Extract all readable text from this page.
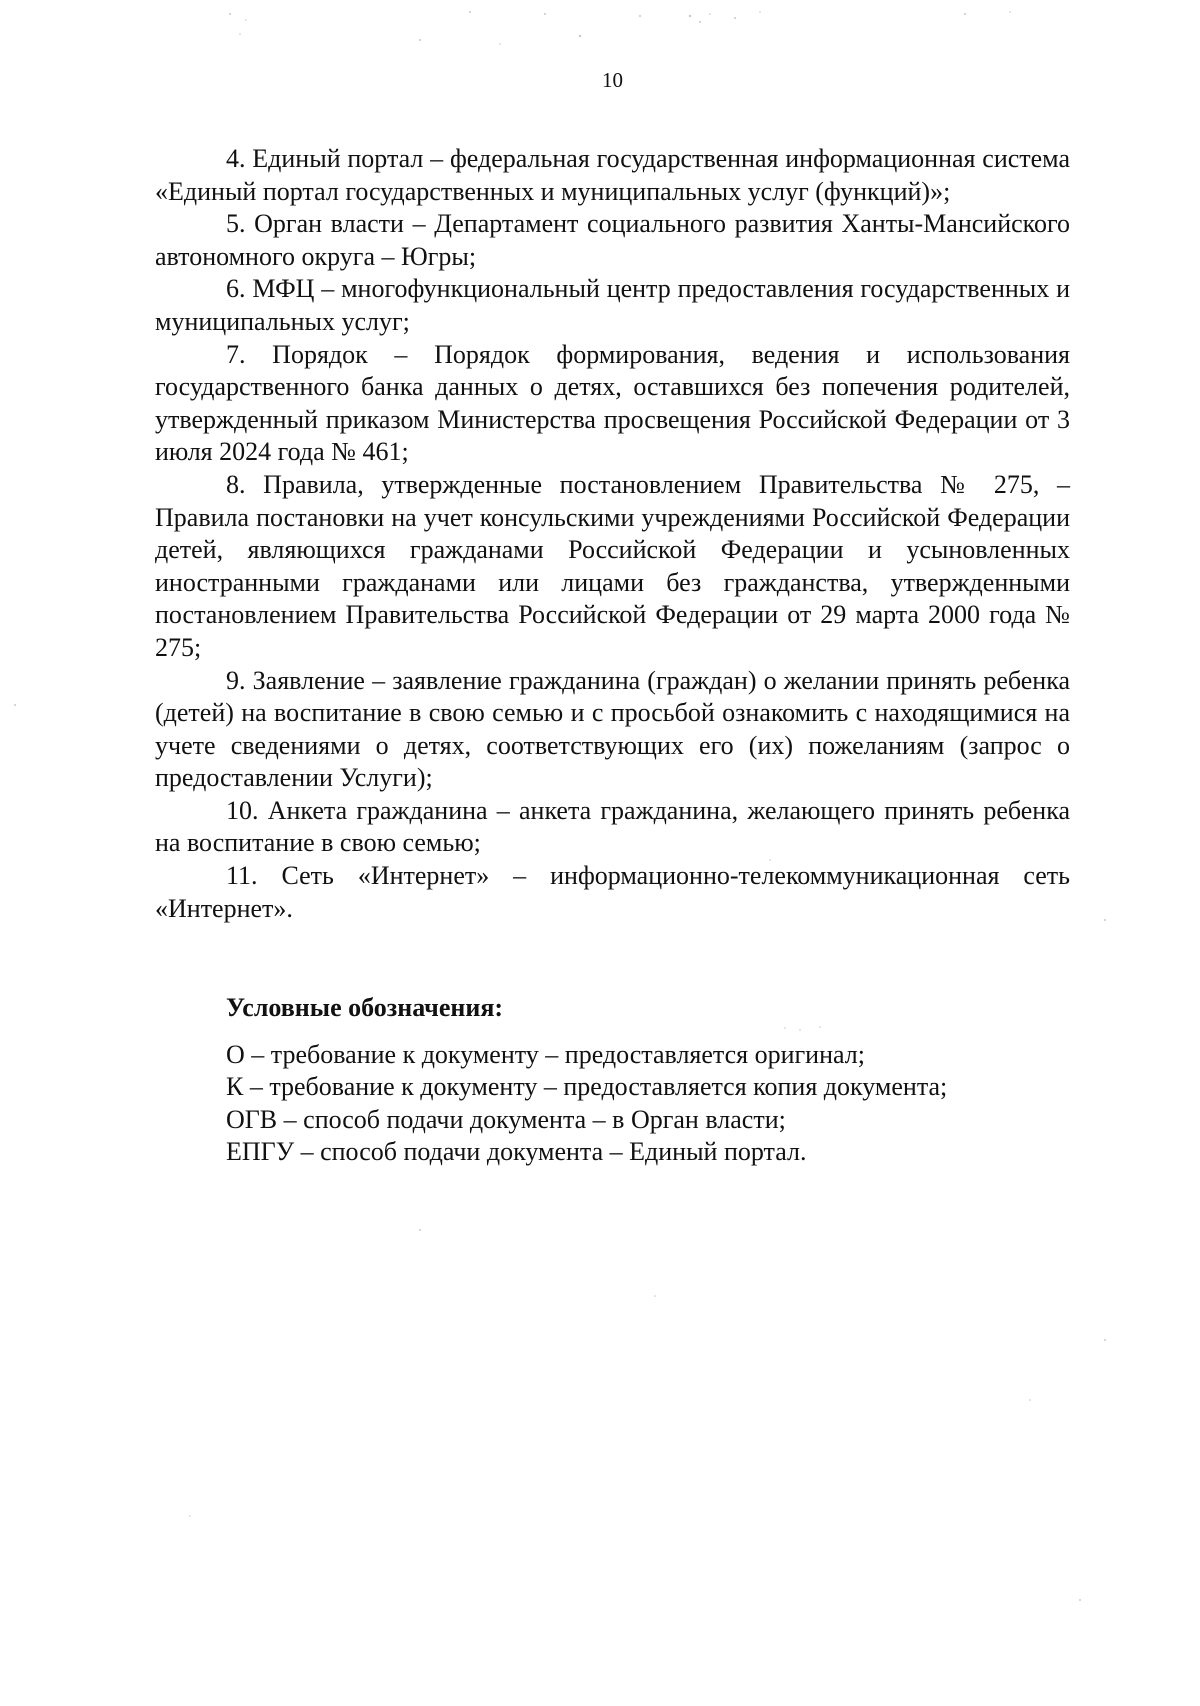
10

4. Единый портал – федеральная государственная информационная система «Единый портал государственных и муниципальных услуг (функций)»;

5. Орган власти – Департамент социального развития Ханты-Мансийского автономного округа – Югры;

6. МФЦ – многофункциональный центр предоставления государственных и муниципальных услуг;

7. Порядок – Порядок формирования, ведения и использования государственного банка данных о детях, оставшихся без попечения родителей, утвержденный приказом Министерства просвещения Российской Федерации от 3 июля 2024 года № 461;

8. Правила, утвержденные постановлением Правительства № 275, – Правила постановки на учет консульскими учреждениями Российской Федерации детей, являющихся гражданами Российской Федерации и усыновленных иностранными гражданами или лицами без гражданства, утвержденными постановлением Правительства Российской Федерации от 29 марта 2000 года № 275;

9. Заявление – заявление гражданина (граждан) о желании принять ребенка (детей) на воспитание в свою семью и с просьбой ознакомить с находящимися на учете сведениями о детях, соответствующих его (их) пожеланиям (запрос о предоставлении Услуги);

10. Анкета гражданина – анкета гражданина, желающего принять ребенка на воспитание в свою семью;

11. Сеть «Интернет» – информационно-телекоммуникационная сеть «Интернет».

Условные обозначения:

О – требование к документу – предоставляется оригинал;

К – требование к документу – предоставляется копия документа;

ОГВ – способ подачи документа – в Орган власти;

ЕПГУ – способ подачи документа – Единый портал.
